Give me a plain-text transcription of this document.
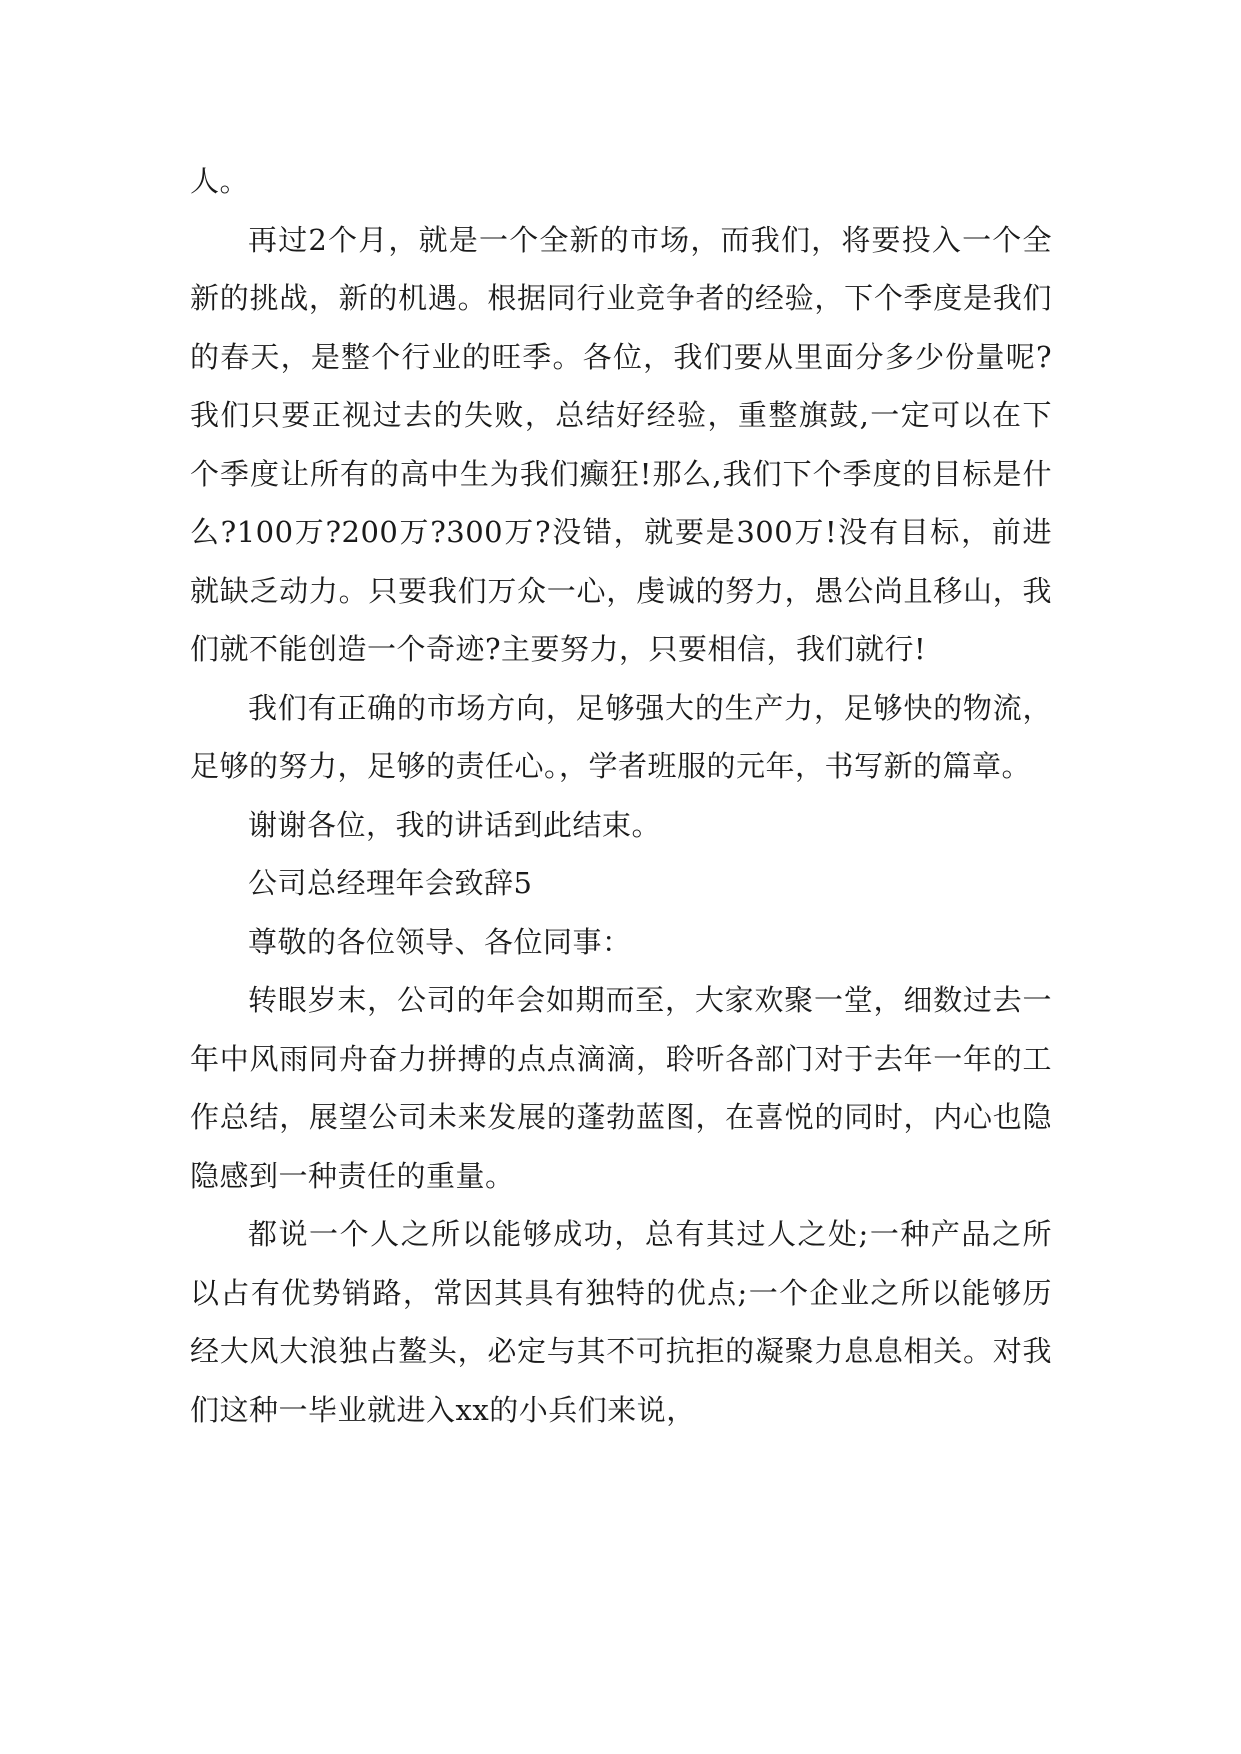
人。

再过2个月，就是一个全新的市场，而我们，将要投入一个全新的挑战，新的机遇。根据同行业竞争者的经验，下个季度是我们的春天，是整个行业的旺季。各位，我们要从里面分多少份量呢?我们只要正视过去的失败，总结好经验，重整旗鼓,一定可以在下个季度让所有的高中生为我们癫狂!那么,我们下个季度的目标是什么?100万?200万?300万?没错，就要是300万!没有目标，前进就缺乏动力。只要我们万众一心，虔诚的努力，愚公尚且移山，我们就不能创造一个奇迹?主要努力，只要相信，我们就行!

我们有正确的市场方向，足够强大的生产力，足够快的物流，足够的努力，足够的责任心。，学者班服的元年，书写新的篇章。

谢谢各位，我的讲话到此结束。

公司总经理年会致辞5

尊敬的各位领导、各位同事：

转眼岁末，公司的年会如期而至，大家欢聚一堂，细数过去一年中风雨同舟奋力拼搏的点点滴滴，聆听各部门对于去年一年的工作总结，展望公司未来发展的蓬勃蓝图，在喜悦的同时，内心也隐隐感到一种责任的重量。

都说一个人之所以能够成功，总有其过人之处;一种产品之所以占有优势销路，常因其具有独特的优点;一个企业之所以能够历经大风大浪独占鳌头，必定与其不可抗拒的凝聚力息息相关。对我们这种一毕业就进入xx的小兵们来说，
